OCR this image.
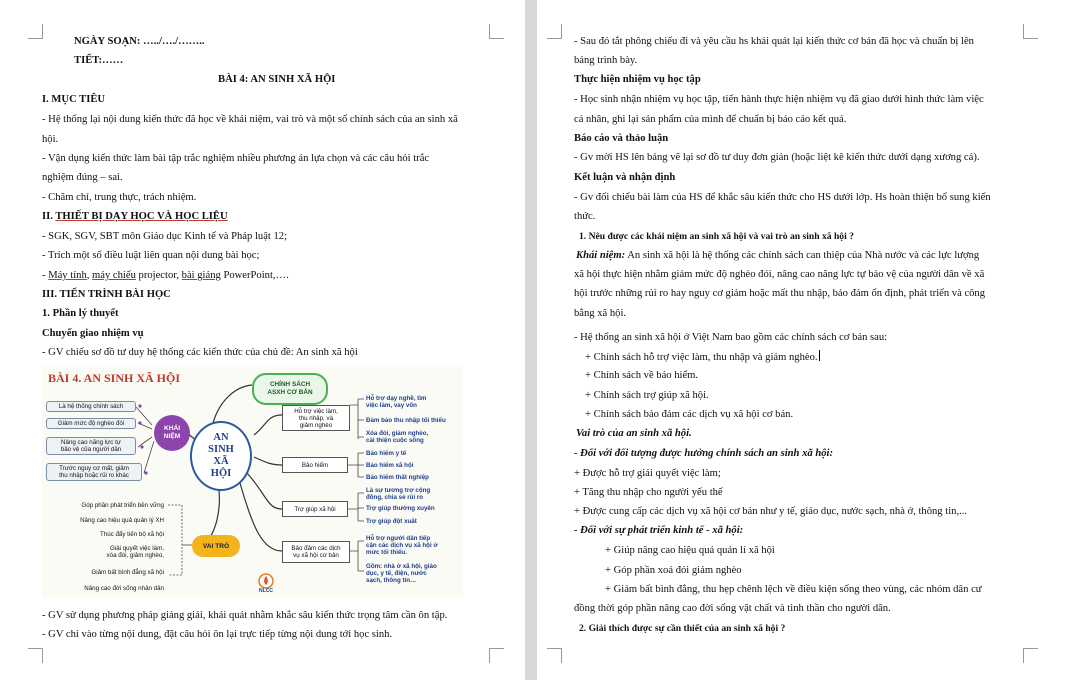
NGÀY SOẠN: …../…./……..
TIẾT:……
BÀI 4: AN SINH XÃ HỘI
I. MỤC TIÊU
- Hệ thống lại nội dung kiến thức đã học về khái niệm, vai trò và một số chính sách của an sinh xã
hội.
- Vận dụng kiến thức làm bài tập trắc nghiệm nhiều phương án lựa chọn và các câu hỏi trắc
nghiệm đúng – sai.
- Chăm chỉ, trung thực, trách nhiệm.
II. THIẾT BỊ DẠY HỌC VÀ HỌC LIỆU
- SGK, SGV, SBT môn Giáo dục Kinh tế và Pháp luật 12;
- Trích một số điều luật liên quan nội dung bài học;
- Máy tính, máy chiếu projector, bài giảng PowerPoint,….
III. TIẾN TRÌNH BÀI HỌC
1. Phần lý thuyết
Chuyển giao nhiệm vụ
- GV chiếu sơ đồ tư duy hệ thống các kiến thức của chủ đề: An sinh xã hội
BÀI 4. AN SINH XÃ HỘI
AN
SINH
XÃ
HỘI
KHÁI
NIỆM
VAI TRÒ
CHÍNH SÁCH
ASXH CƠ BẢN
Là hệ thống chính sách
Giảm mức độ nghèo đói
Nâng cao năng lực tự
bảo vệ của người dân
Trước nguy cơ mất, giảm
thu nhập hoặc rủi ro khác
Góp phần phát triển bền vững
Nâng cao hiệu quả quản lý XH
Thúc đẩy tiến bộ xã hội
Giải quyết việc làm,
xóa đói, giảm nghèo,
Giảm bất bình đẳng xã hội
Nâng cao đời sống nhân dân
Hỗ trợ việc làm,
thu nhập, và
giảm nghèo
Bảo hiểm
Trợ giúp xã hội
Bảo đảm các dịch
vụ xã hội cơ bản
Hỗ trợ dạy nghề, tìm
việc làm, vay vốn
Đảm bảo thu nhập tối thiểu
Xóa đói, giảm nghèo,
cải thiện cuộc sống
Bảo hiểm y tế
Bảo hiểm xã hội
Bảo hiểm thất nghiệp
Là sự tương trợ cộng
đồng, chia sẻ rủi ro
Trợ giúp thường xuyên
Trợ giúp đột xuất
Hỗ trợ người dân tiếp
cận các dịch vụ xã hội ở
mức tối thiểu.
Gồm: nhà ở xã hội, giáo
dục, y tế, điện, nước
sạch, thông tin…
NLCC
- GV sử dụng phương pháp giảng giải, khái quát nhằm khắc sâu kiến thức trọng tâm cần ôn tập.
- GV chỉ vào từng nội dung, đặt câu hỏi ôn lại trực tiếp từng nội dung tới học sinh.
- Sau đó tắt phông chiếu đi và yêu cầu hs khái quát lại kiến thức cơ bản đã học và chuẩn bị lên
bảng trình bày.
Thực hiện nhiệm vụ học tập
- Học sinh nhận nhiệm vụ học tập, tiến hành thực hiện nhiệm vụ đã giao dưới hình thức làm việc
cá nhân, ghi lại sản phẩm của mình để chuẩn bị báo cáo kết quả.
Báo cáo và thảo luận
- Gv mời HS lên bảng vẽ lại sơ đồ tư duy đơn giản (hoặc liệt kê kiến thức dưới dạng xương cá).
Kết luận và nhận định
- Gv đối chiếu bài làm của HS để khắc sâu kiến thức cho HS dưới lớp. Hs hoàn thiện bổ sung kiến
thức.
1. Nêu được các khái niệm an sinh xã hội và vai trò an sinh xã hội ?
Khái niệm: An sinh xã hội là hệ thống các chính sách can thiệp của Nhà nước và các lực lượng
xã hội thực hiện nhằm giảm mức độ nghèo đói, nâng cao năng lực tự bảo vệ của người dân về xã
hội trước những rủi ro hay nguy cơ giảm hoặc mất thu nhập, bảo đảm ổn định, phát triển và công
bằng xã hội.
- Hệ thống an sinh xã hội ở Việt Nam bao gồm các chính sách cơ bản sau:
+ Chính sách hỗ trợ việc làm, thu nhập và giảm nghèo.
+ Chính sách về bảo hiểm.
+ Chính sách trợ giúp xã hội.
+ Chính sách bảo đảm các dịch vụ xã hội cơ bản.
Vai trò của an sinh xã hội.
- Đối với đối tượng được hưởng chính sách an sinh xã hội:
+ Được hỗ trợ giải quyết việc làm;
+ Tăng thu nhập cho người yếu thế
+ Được cung cấp các dịch vụ xã hội cơ bản như y tế, giáo dục, nước sạch, nhà ở, thông tin,...
- Đối với sự phát triển kinh tế - xã hội:
+ Giúp nâng cao hiệu quả quản lí xã hội
+ Góp phần xoá đói giảm nghèo
+ Giảm bất bình đẳng, thu hẹp chênh lệch về điều kiện sống theo vùng, các nhóm dân cư
đồng thời góp phần nâng cao đời sống vật chất và tinh thần cho người dân.
2. Giải thích được sự cần thiết của an sinh xã hội ?
